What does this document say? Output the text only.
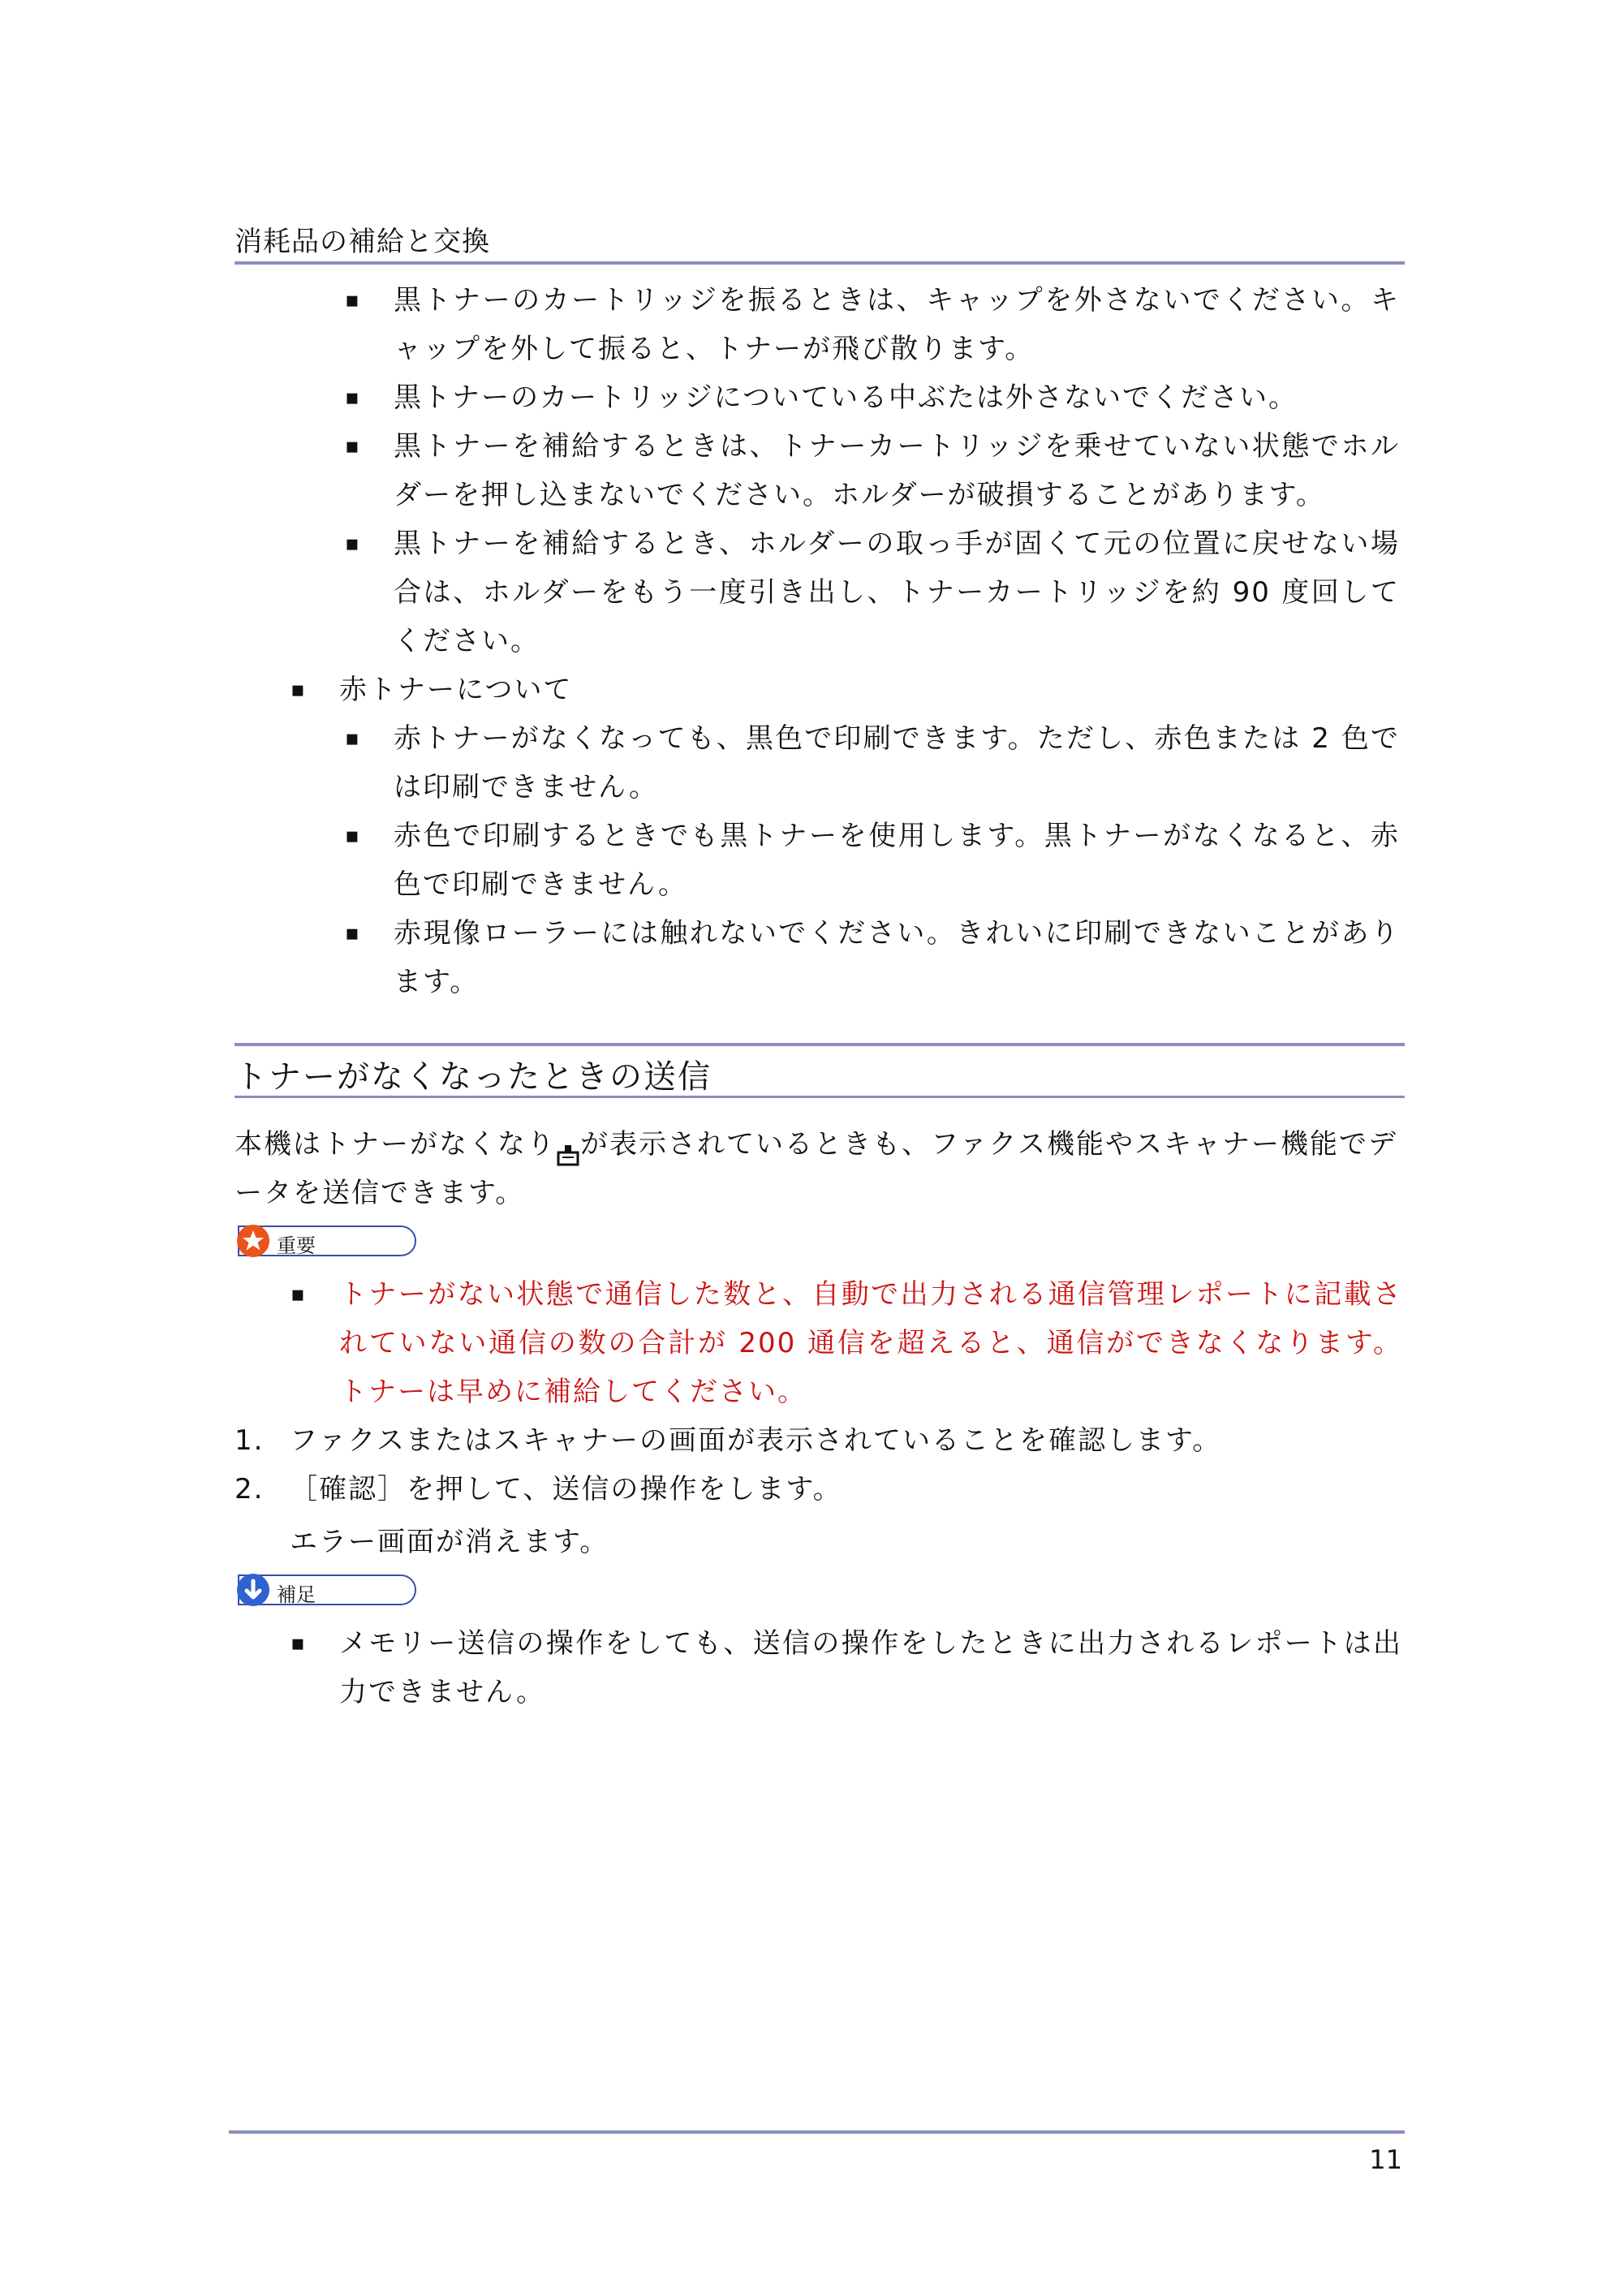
消耗品の補給と交換
▪	黒トナーのカートリッジを振るときは、キャップを外さないでください。キャップを外して振ると、トナーが飛び散ります。
▪	黒トナーのカートリッジについている中ぶたは外さないでください。
▪	黒トナーを補給するときは、トナーカートリッジを乗せていない状態でホルダーを押し込まないでください。ホルダーが破損することがあります。
▪	黒トナーを補給するとき、ホルダーの取っ手が固くて元の位置に戻せない場合は、ホルダーをもう一度引き出し、トナーカートリッジを約 90 度回してください。
▪	赤トナーについて
▪	赤トナーがなくなっても、黒色で印刷できます。ただし、赤色または 2 色では印刷できません。
▪	赤色で印刷するときでも黒トナーを使用します。黒トナーがなくなると、赤色で印刷できません。
▪	赤現像ローラーには触れないでください。きれいに印刷できないことがあります。
トナーがなくなったときの送信
本機はトナーがなくなり が表示されているときも、ファクス機能やスキャナー機能でデータを送信できます。
重要
▪	トナーがない状態で通信した数と、自動で出力される通信管理レポートに記載されていない通信の数の合計が 200 通信を超えると、通信ができなくなります。トナーは早めに補給してください。
1. ファクスまたはスキャナーの画面が表示されていることを確認します。
2. ［確認］を押して、送信の操作をします。
エラー画面が消えます。
補足
▪	メモリー送信の操作をしても、送信の操作をしたときに出力されるレポートは出力できません。
11
